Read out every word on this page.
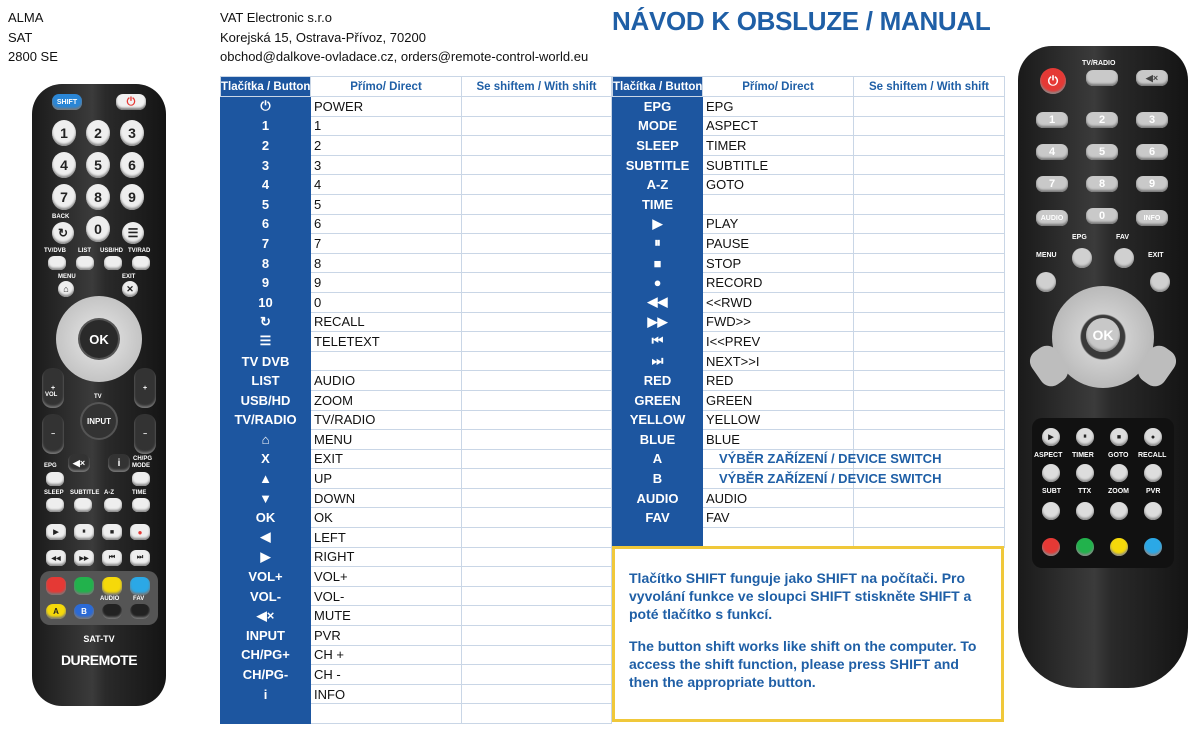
ALMA
SAT
2800 SE
VAT Electronic s.r.o
Korejská 15, Ostrava-Přívoz, 70200
obchod@dalkove-ovladace.cz, orders@remote-control-world.eu
NÁVOD K OBSLUZE / MANUAL
Tlačítka / Button	Přímo/ Direct	Se shiftem / With shift
⏻	POWER	
1	1	
2	2	
3	3	
4	4	
5	5	
6	6	
7	7	
8	8	
9	9	
10	0	
↻	RECALL	
☰	TELETEXT	
TV DVB		
LIST	AUDIO	
USB/HD	ZOOM	
TV/RADIO	TV/RADIO	
⌂	MENU	
X	EXIT	
▲	UP	
▼	DOWN	
OK	OK	
◀	LEFT	
▶	RIGHT	
VOL+	VOL+	
VOL-	VOL-	
◀×	MUTE	
INPUT	PVR	
CH/PG+	CH +	
CH/PG-	CH -	
i	INFO	

Tlačítka / Button	Přímo/ Direct	Se shiftem / With shift
EPG	EPG	
MODE	ASPECT	
SLEEP	TIMER	
SUBTITLE	SUBTITLE	
A-Z	GOTO	
TIME		
▶	PLAY	
⏸	PAUSE	
■	STOP	
●	RECORD	
◀◀	<<RWD	
▶▶	FWD>>	
⏮	I<<PREV	
⏭	NEXT>>I	
RED	RED	
GREEN	GREEN	
YELLOW	YELLOW	
BLUE	BLUE	
A	VÝBĚR ZAŘÍZENÍ / DEVICE SWITCH	
B	VÝBĚR ZAŘÍZENÍ / DEVICE SWITCH	
AUDIO	AUDIO	
FAV	FAV	

Tlačítko SHIFT funguje jako SHIFT na počítači. Pro vyvolání funkce ve sloupci SHIFT stiskněte SHIFT a poté tlačítko s funkcí.

The button shift works like shift on the computer. To access the shift function, please press SHIFT and then the appropriate button.

SHIFT	⏻
1	2	3
4	5	6
7	8	9
0
BACK
↻	☰
TV/DVB LIST USB/HD TV/RAD
MENU	EXIT
⌂	✕
OK
+

VOL
+
TV
INPUT
−	−
CH/PG
◀×	i
EPG	MODE
SLEEP SUBTITLE A-Z	TIME
▶	⏸	■	●
◀◀	▶▶	⏮	⏭
AUDIO FAV
A	B
SAT-TV
DUREMOTE
⏻
TV/RADIO
◀×
1	2	3
4	5	6
7	8	9
0
AUDIO	INFO
EPG	FAV
MENU	EXIT
OK
▶	⏸	■	●
ASPECT TIMER GOTO RECALL
SUBT TTX ZOOM PVR
